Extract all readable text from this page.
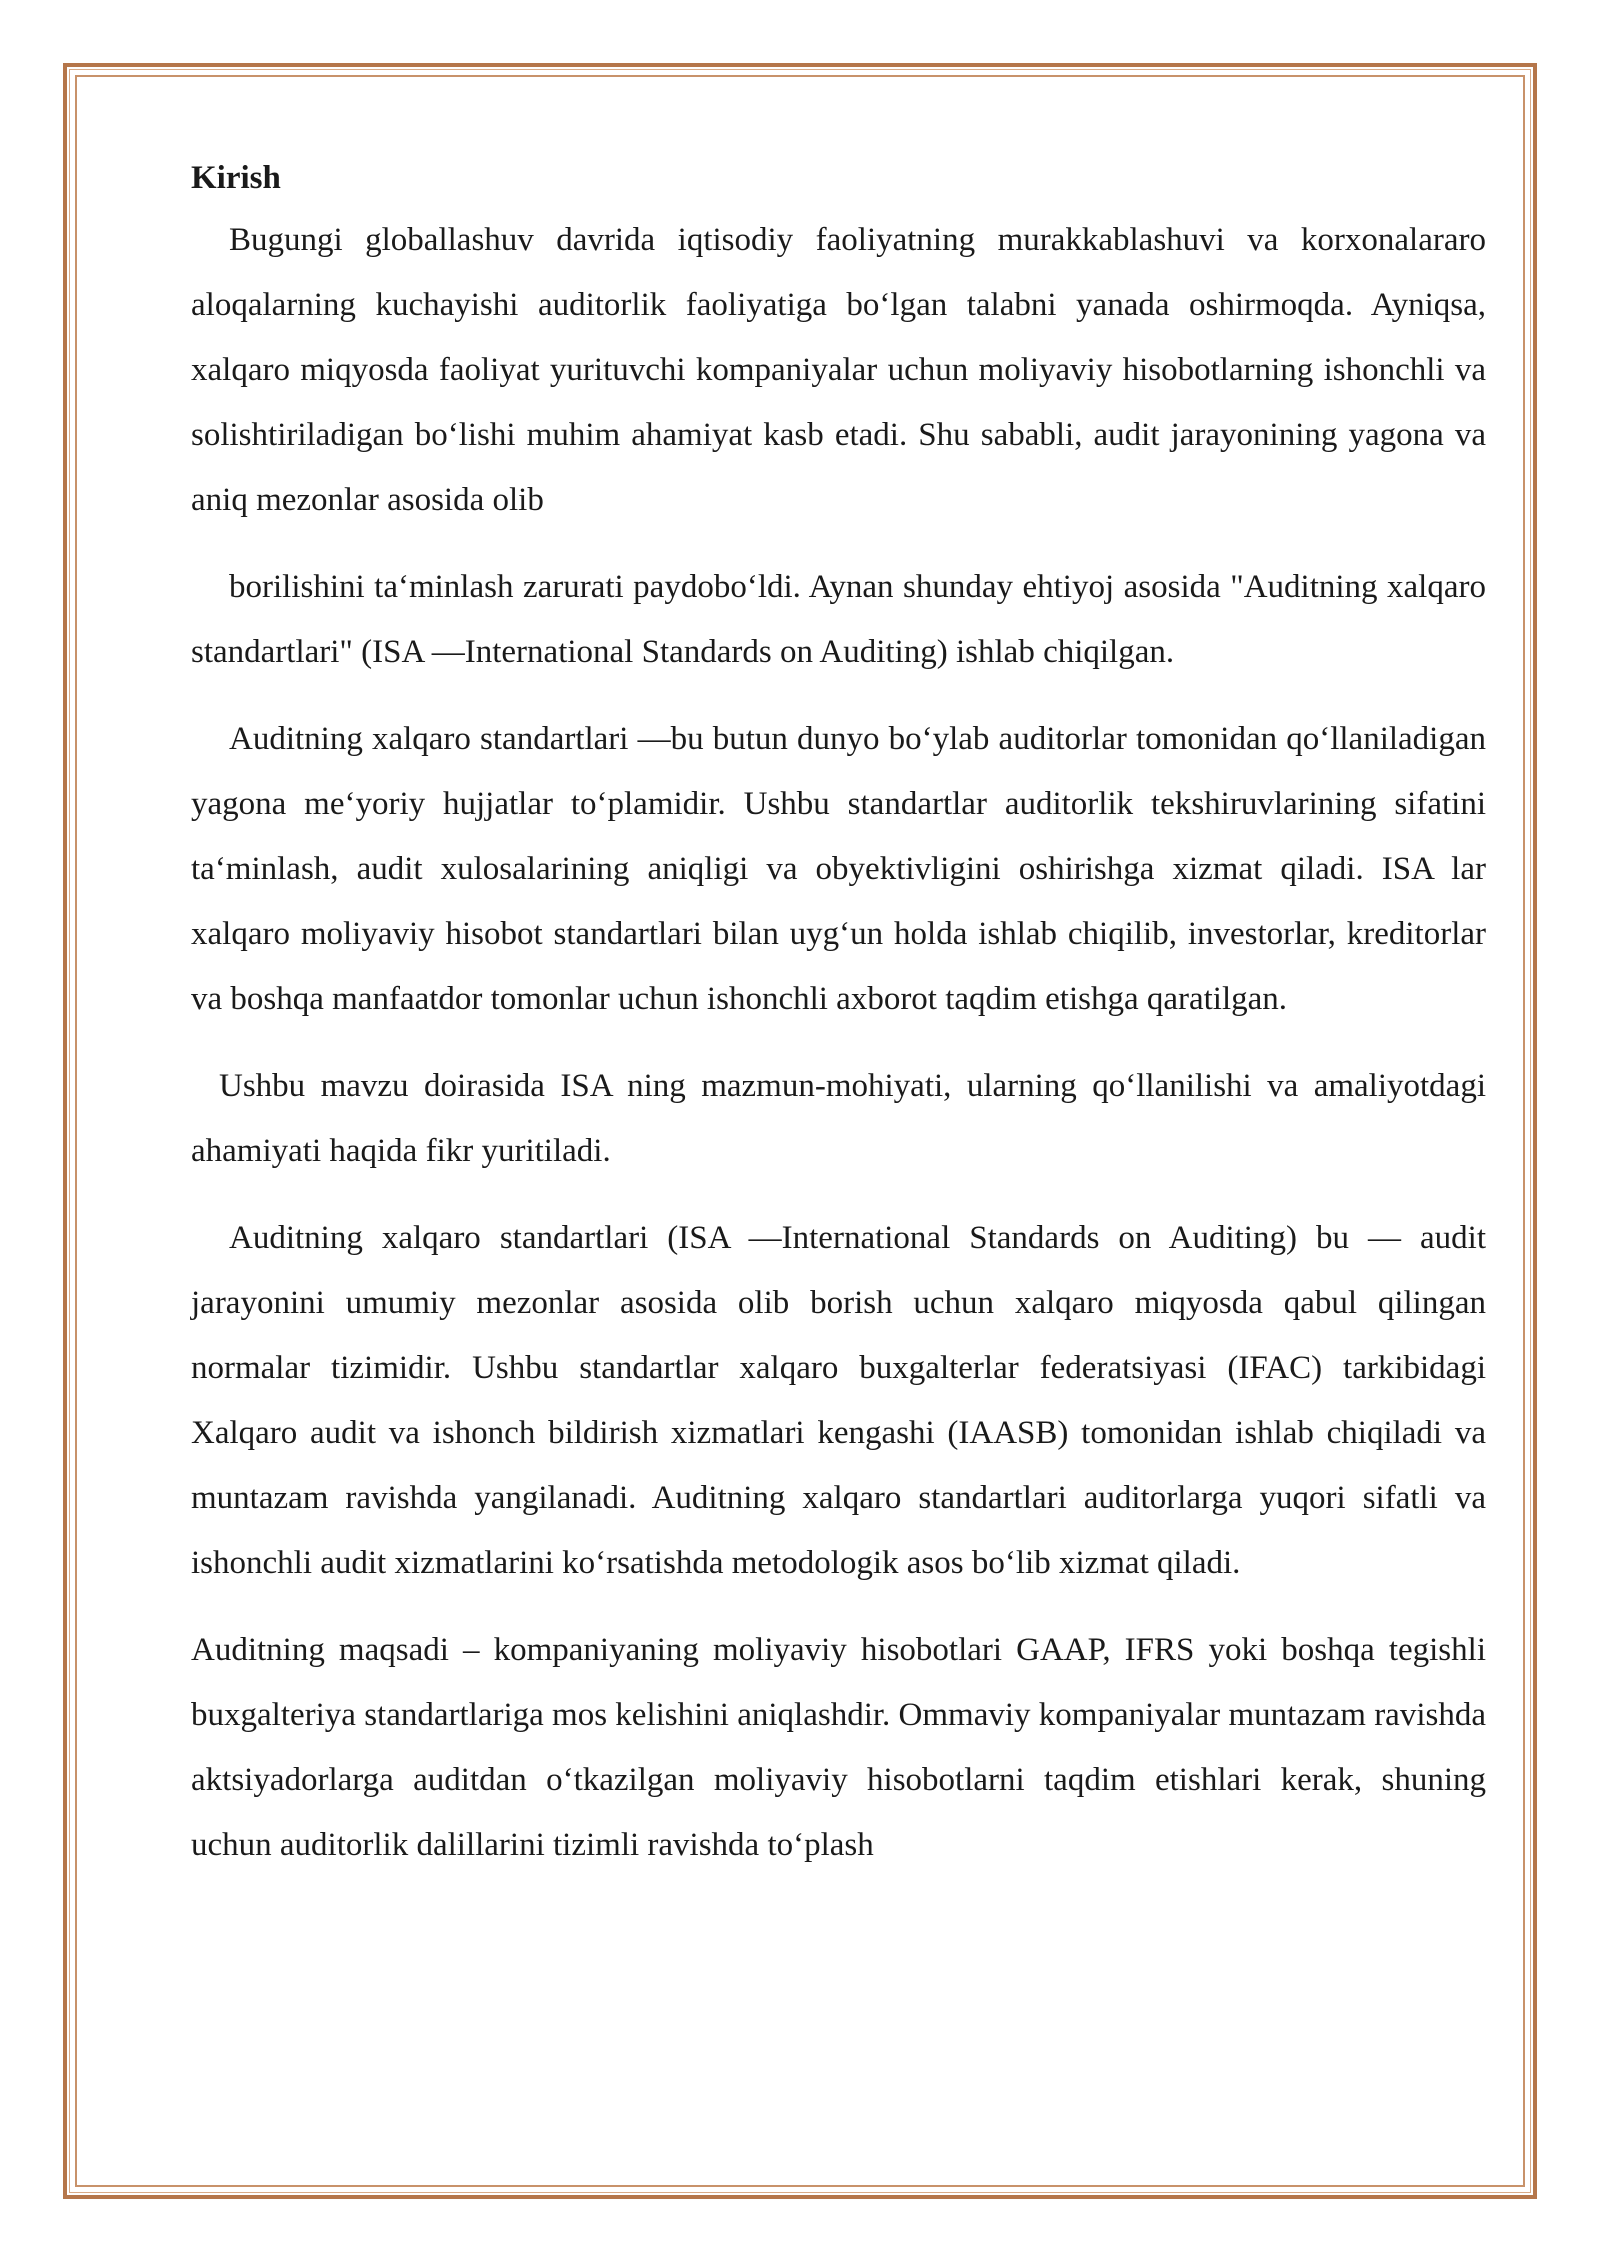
Kirish

Bugungi globallashuv davrida iqtisodiy faoliyatning murakkablashuvi va korxonalararo aloqalarning kuchayishi auditorlik faoliyatiga boʻlgan talabni yanada oshirmoqda. Ayniqsa, xalqaro miqyosda faoliyat yurituvchi kompaniyalar uchun moliyaviy hisobotlarning ishonchli va solishtiriladigan boʻlishi muhim ahamiyat kasb etadi. Shu sababli, audit jarayonining yagona va aniq mezonlar asosida olib

borilishini ta‘minlash zarurati paydoboʻldi. Aynan shunday ehtiyoj asosida "Auditning xalqaro standartlari" (ISA —International Standards on Auditing) ishlab chiqilgan.

Auditning xalqaro standartlari —bu butun dunyo boʻylab auditorlar tomonidan qoʻllaniladigan yagona me‘yoriy hujjatlar toʻplamidir. Ushbu standartlar auditorlik tekshiruvlarining sifatini ta‘minlash, audit xulosalarining aniqligi va obyektivligini oshirishga xizmat qiladi. ISA lar xalqaro moliyaviy hisobot standartlari bilan uygʻun holda ishlab chiqilib, investorlar, kreditorlar va boshqa manfaatdor tomonlar uchun ishonchli axborot taqdim etishga qaratilgan.

Ushbu mavzu doirasida ISA ning mazmun-mohiyati, ularning qoʻllanilishi va amaliyotdagi ahamiyati haqida fikr yuritiladi.

Auditning xalqaro standartlari (ISA —International Standards on Auditing) bu — audit jarayonini umumiy mezonlar asosida olib borish uchun xalqaro miqyosda qabul qilingan normalar tizimidir. Ushbu standartlar xalqaro buxgalterlar federatsiyasi (IFAC) tarkibidagi Xalqaro audit va ishonch bildirish xizmatlari kengashi (IAASB) tomonidan ishlab chiqiladi va muntazam ravishda yangilanadi. Auditning xalqaro standartlari auditorlarga yuqori sifatli va ishonchli audit xizmatlarini koʻrsatishda metodologik asos boʻlib xizmat qiladi.

Auditning maqsadi – kompaniyaning moliyaviy hisobotlari GAAP, IFRS yoki boshqa tegishli buxgalteriya standartlariga mos kelishini aniqlashdir. Ommaviy kompaniyalar muntazam ravishda aktsiyadorlarga auditdan o‘tkazilgan moliyaviy hisobotlarni taqdim etishlari kerak, shuning uchun auditorlik dalillarini tizimli ravishda to‘plash
